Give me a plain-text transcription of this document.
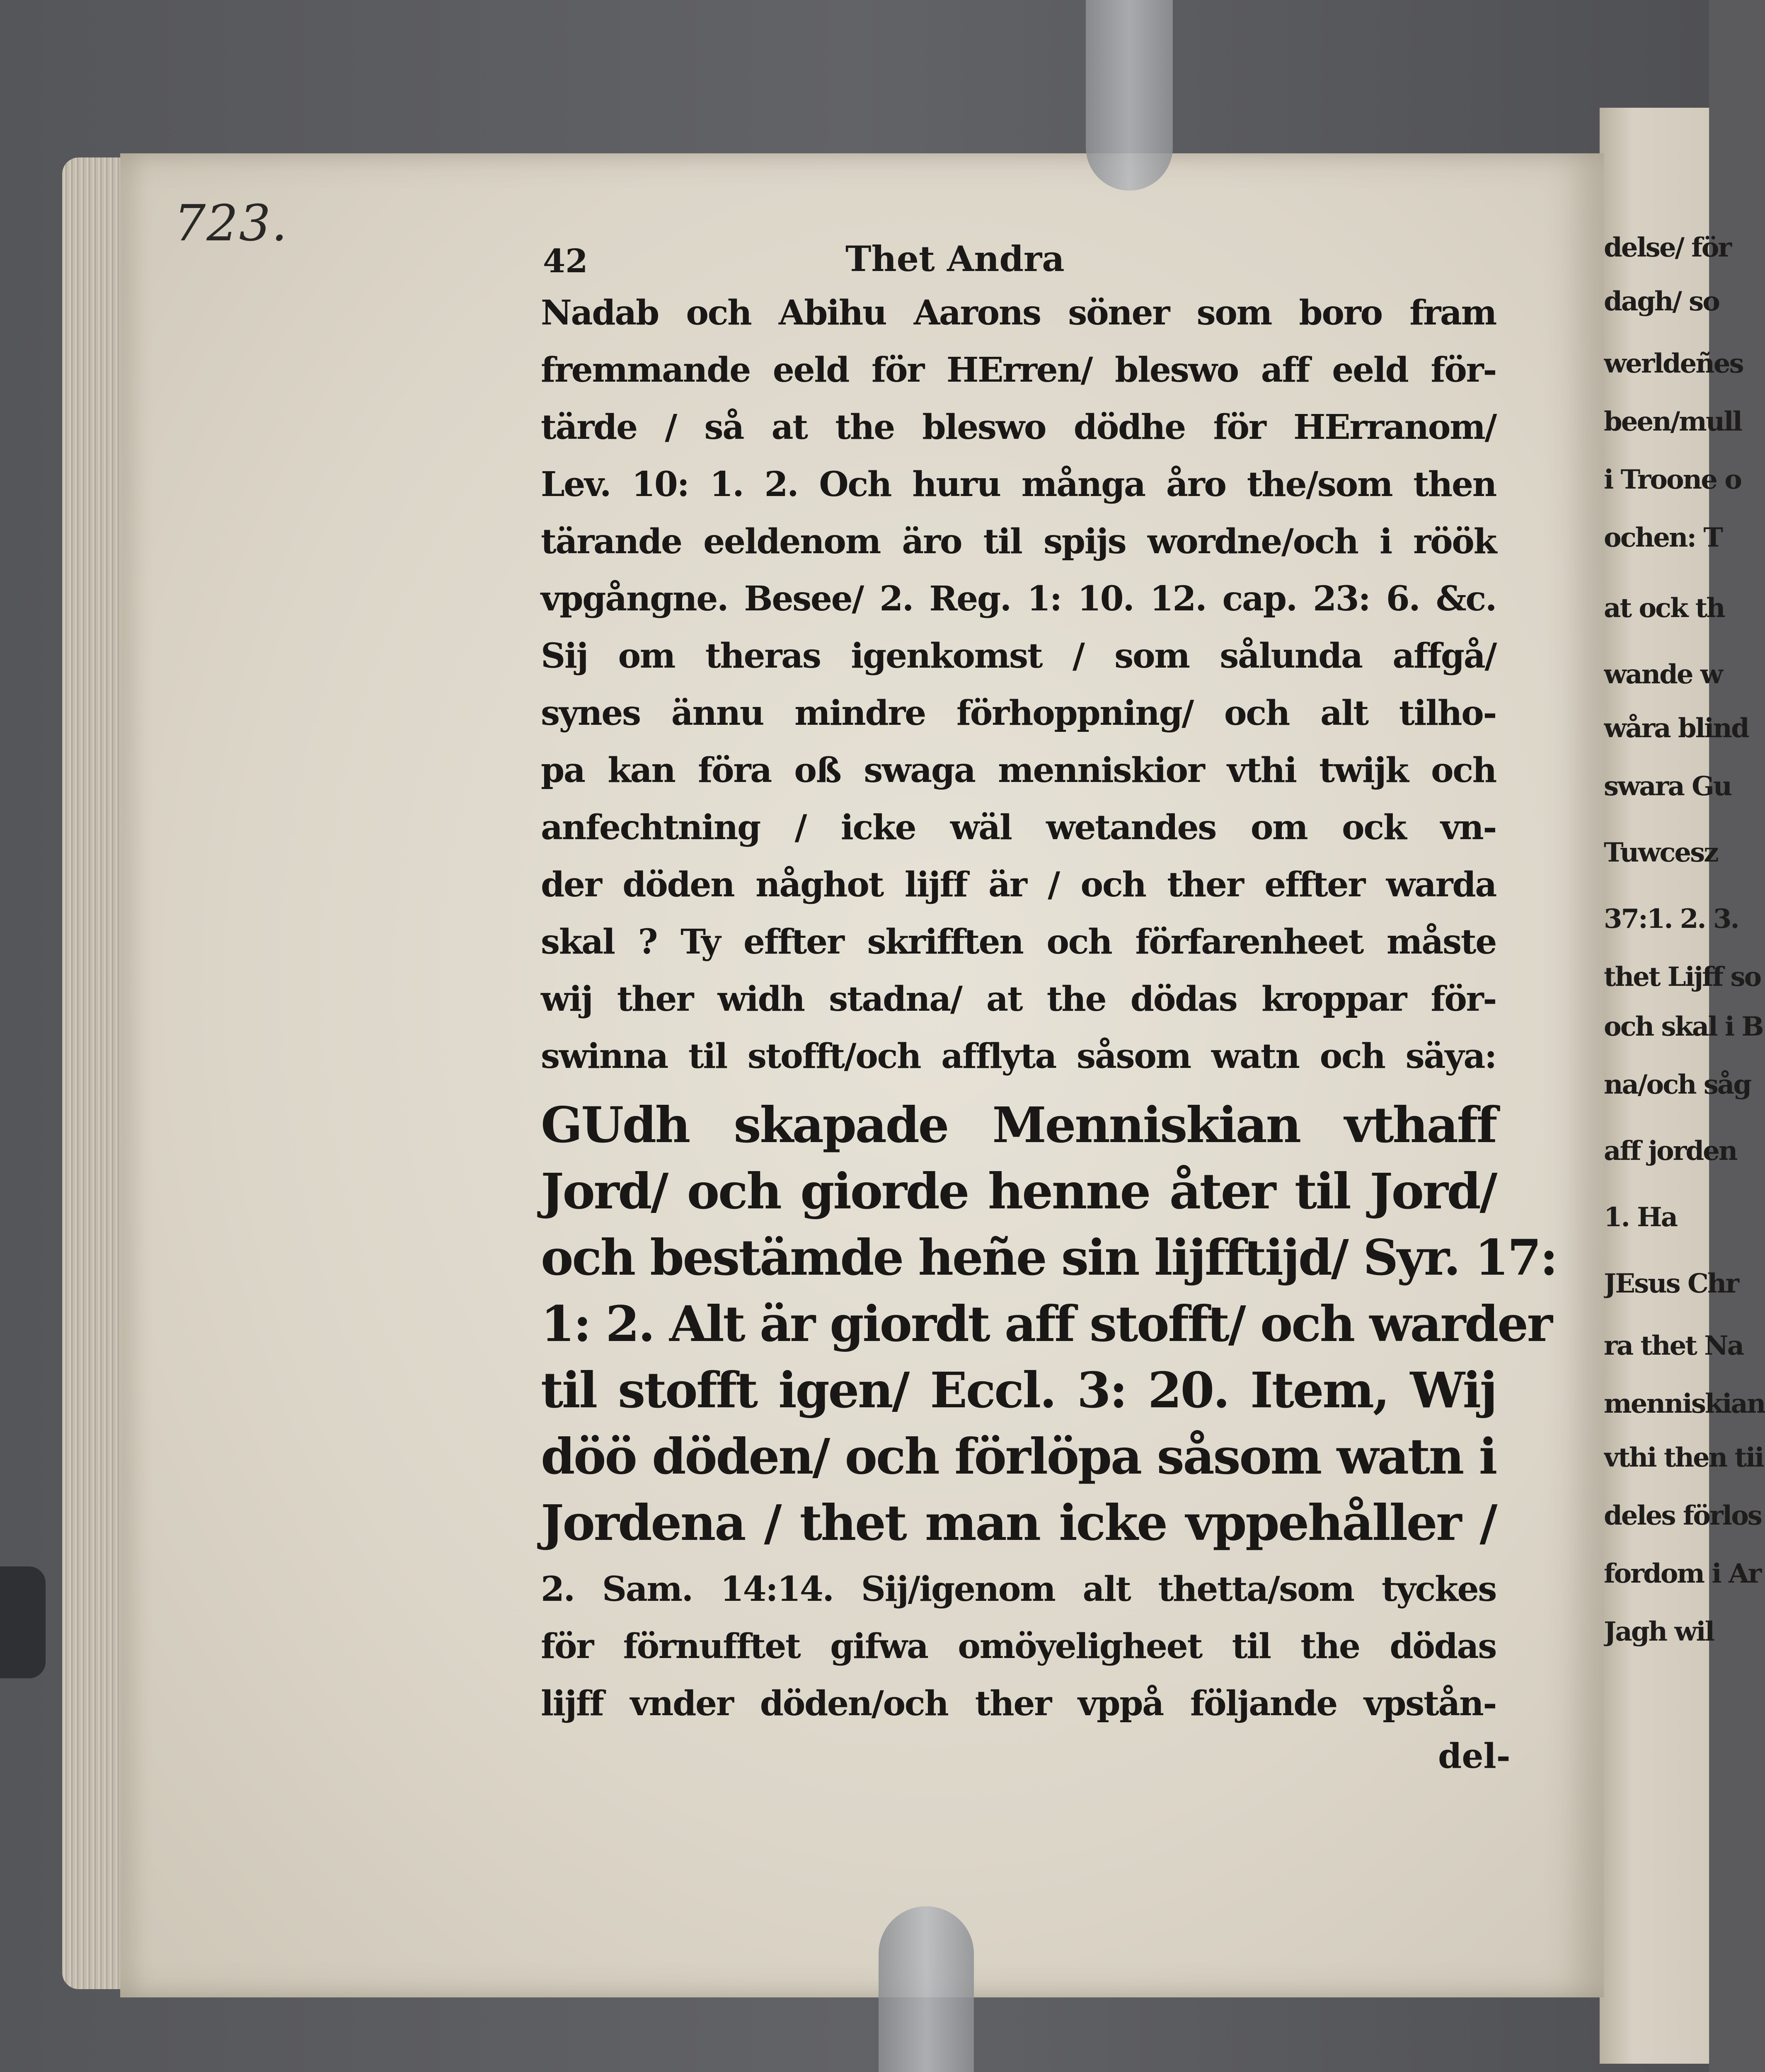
delse/ för
dagh/ so
werldeñes
been/mull
i Troone o
ochen: T
at ock th
wande w
wåra blind
swara Gu
Tuwcesz
37:1. 2. 3.
thet Lijff so
och skal i B
na/och såg
aff jorden
1. Ha
JEsus Chr
ra thet Na
menniskian
vthi then tii
deles förlos
fordom i Ar
Jagh wil
723.
42	Thet Andra
Nadab och Abihu Aarons söner som boro fram
fremmande eeld för HErren/ bleswo aff eeld för-
tärde / så at the bleswo dödhe för HErranom/
Lev. 10: 1. 2. Och huru många åro the/som then
tärande eeldenom äro til spijs wordne/och i röök
vpgångne. Besee/ 2. Reg. 1: 10. 12. cap. 23: 6. &c.
Sij om theras igenkomst / som sålunda affgå/
synes ännu mindre förhoppning/ och alt tilho-
pa kan föra oß swaga menniskior vthi twijk och
anfechtning / icke wäl wetandes om ock vn-
der döden någhot lijff är / och ther effter warda
skal ? Ty effter skrifften och förfarenheet måste
wij ther widh stadna/ at the dödas kroppar för-
swinna til stofft/och afflyta såsom watn och säya:
GUdh skapade Menniskian vthaff
Jord/ och giorde henne åter til Jord/
och bestämde heñe sin lijfftijd/ Syr. 17:
1: 2. Alt är giordt aff stofft/ och warder
til stofft igen/ Eccl. 3: 20. Item, Wij
döö döden/ och förlöpa såsom watn i
Jordena / thet man icke vppehåller /
2. Sam. 14:14. Sij/igenom alt thetta/som tyckes
för förnufftet gifwa omöyeligheet til the dödas
lijff vnder döden/och ther vppå följande vpstån-
del-
